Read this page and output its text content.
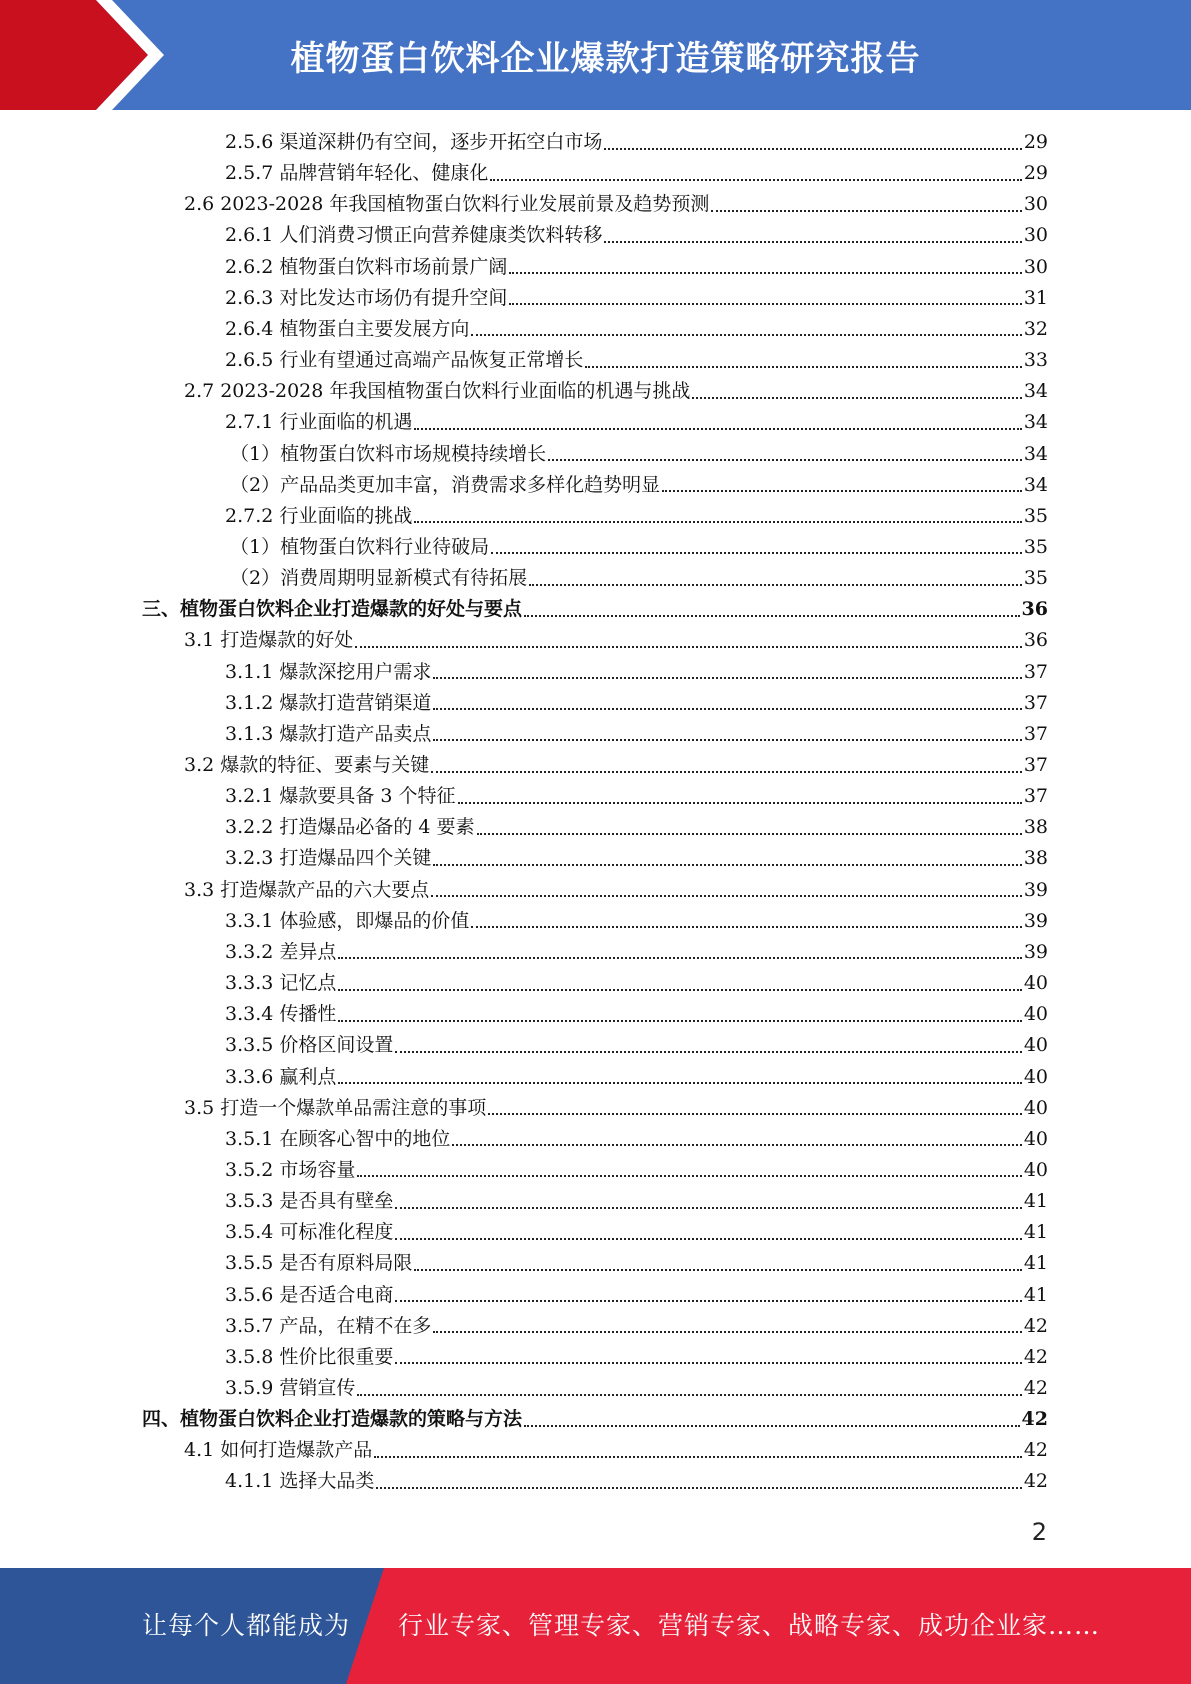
植物蛋白饮料企业爆款打造策略研究报告
2.5.6 渠道深耕仍有空间，逐步开拓空白市场	29
2.5.7 品牌营销年轻化、健康化	29
2.6 2023-2028 年我国植物蛋白饮料行业发展前景及趋势预测	30
2.6.1 人们消费习惯正向营养健康类饮料转移	30
2.6.2 植物蛋白饮料市场前景广阔	30
2.6.3 对比发达市场仍有提升空间	31
2.6.4 植物蛋白主要发展方向	32
2.6.5 行业有望通过高端产品恢复正常增长	33
2.7 2023-2028 年我国植物蛋白饮料行业面临的机遇与挑战	34
2.7.1 行业面临的机遇	34
（1） 植物蛋白饮料市场规模持续增长	34
（2） 产品品类更加丰富，消费需求多样化趋势明显	34
2.7.2 行业面临的挑战	35
（1） 植物蛋白饮料行业待破局	35
（2） 消费周期明显新模式有待拓展	35
三、 植物蛋白饮料企业打造爆款的好处与要点	36
3.1 打造爆款的好处	36
3.1.1 爆款深挖用户需求	37
3.1.2 爆款打造营销渠道	37
3.1.3 爆款打造产品卖点	37
3.2 爆款的特征、要素与关键	37
3.2.1 爆款要具备 3 个特征	37
3.2.2 打造爆品必备的 4 要素	38
3.2.3 打造爆品四个关键	38
3.3 打造爆款产品的六大要点	39
3.3.1 体验感，即爆品的价值	39
3.3.2 差异点	39
3.3.3 记忆点	40
3.3.4 传播性	40
3.3.5 价格区间设置	40
3.3.6 赢利点	40
3.5 打造一个爆款单品需注意的事项	40
3.5.1 在顾客心智中的地位	40
3.5.2 市场容量	40
3.5.3 是否具有壁垒	41
3.5.4 可标准化程度	41
3.5.5 是否有原料局限	41
3.5.6 是否适合电商	41
3.5.7 产品，在精不在多	42
3.5.8 性价比很重要	42
3.5.9 营销宣传	42
四、 植物蛋白饮料企业打造爆款的策略与方法	42
4.1 如何打造爆款产品	42
4.1.1 选择大品类	42
2
让每个人都能成为 行业专家、管理专家、营销专家、战略专家、成功企业家……
